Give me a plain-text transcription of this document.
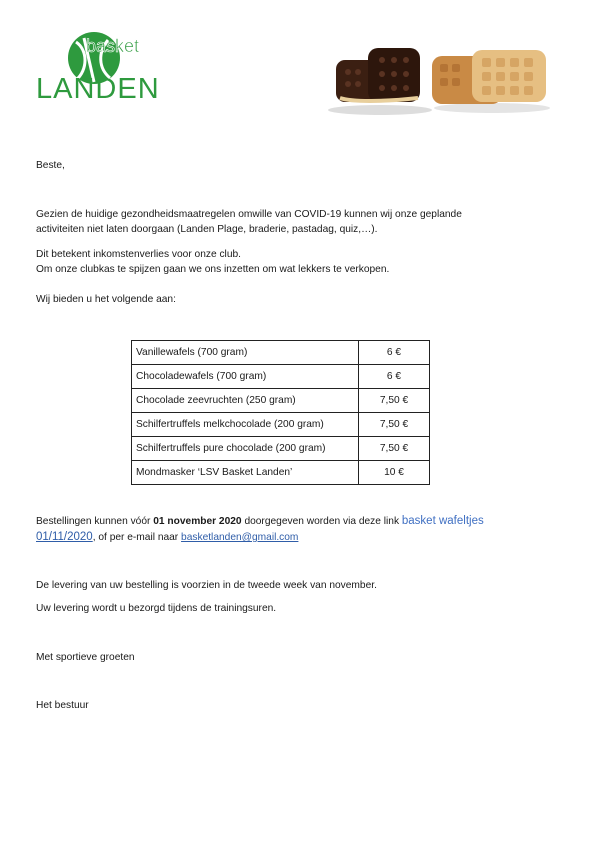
basket
LANDEN

Beste,

Gezien de huidige gezondheidsmaatregelen omwille van COVID-19 kunnen wij onze geplande

activiteiten niet laten doorgaan (Landen Plage, braderie, pastadag, quiz,…).

Dit betekent inkomstenverlies voor onze club.

Om onze clubkas te spijzen gaan we ons inzetten om wat lekkers te verkopen.

Wij bieden u het volgende aan:

Vanillewafels (700 gram)	6 €
Chocoladewafels (700 gram)	6 €
Chocolade zeevruchten (250 gram)	7,50 €
Schilfertruffels melkchocolade (200 gram)	7,50 €
Schilfertruffels pure chocolade (200 gram)	7,50 €
Mondmasker ‘LSV Basket Landen’	10 €

Bestellingen kunnen vóór 01 november 2020 doorgegeven worden via deze link basket wafeltjes

01/11/2020, of per e-mail naar basketlanden@gmail.com

De levering van uw bestelling is voorzien in de tweede week van november.

Uw levering wordt u bezorgd tijdens de trainingsuren.

Met sportieve groeten

Het bestuur
